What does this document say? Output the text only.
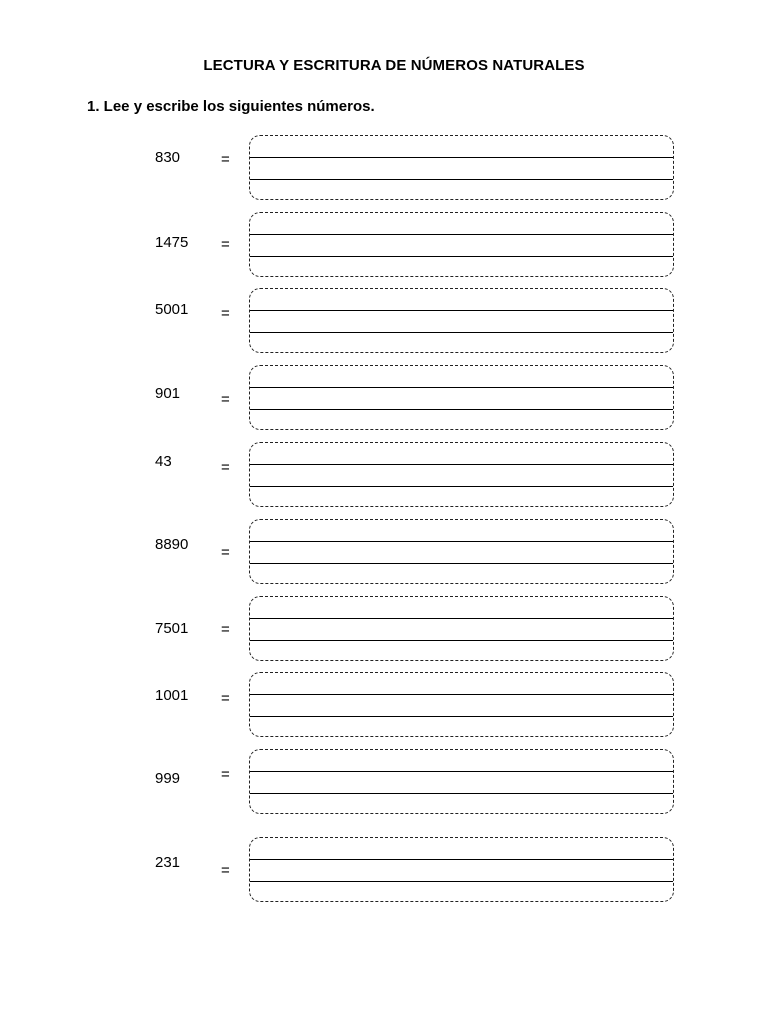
LECTURA Y ESCRITURA DE NÚMEROS NATURALES
1. Lee y escribe los siguientes números.
830	=
1475 =
5001 =
901	=
43	=
8890 =
7501 =
1001 =
999	=
231	=
